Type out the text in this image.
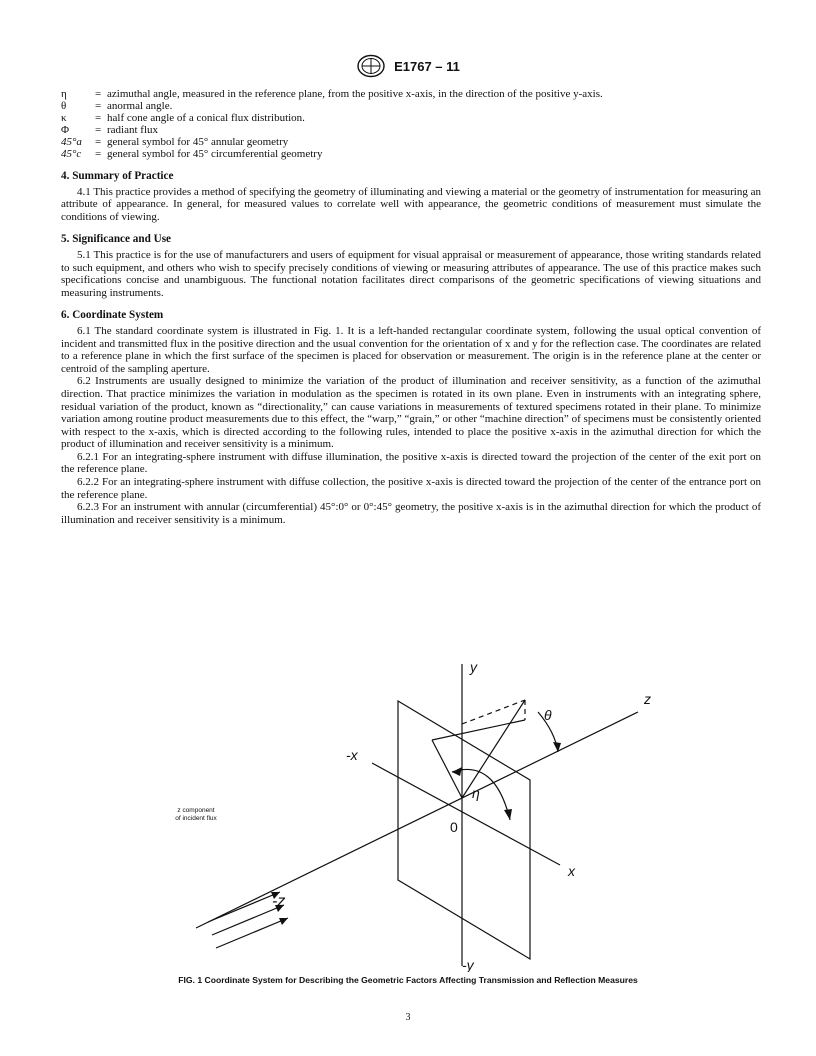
E1767 – 11
η	=	azimuthal angle, measured in the reference plane, from the positive x-axis, in the direction of the positive y-axis.
θ	=	anormal angle.
κ	=	half cone angle of a conical flux distribution.
Φ	=	radiant flux
45°a	=	general symbol for 45° annular geometry
45°c	=	general symbol for 45° circumferential geometry
4. Summary of Practice

4.1 This practice provides a method of specifying the geometry of illuminating and viewing a material or the geometry of instrumentation for measuring an attribute of appearance. In general, for measured values to correlate well with appearance, the geometric conditions of measurement must simulate the conditions of viewing.

5. Significance and Use

5.1 This practice is for the use of manufacturers and users of equipment for visual appraisal or measurement of appearance, those writing standards related to such equipment, and others who wish to specify precisely conditions of viewing or measuring attributes of appearance. The use of this practice makes such specifications concise and unambiguous. The functional notation facilitates direct comparisons of the geometric specifications of viewing situations and measuring instruments.

6. Coordinate System

6.1 The standard coordinate system is illustrated in Fig. 1. It is a left-handed rectangular coordinate system, following the usual optical convention of incident and transmitted flux in the positive direction and the usual convention for the orientation of x and y for the reflection case. The coordinates are related to a reference plane in which the first surface of the specimen is placed for observation or measurement. The origin is in the reference plane at the center or centroid of the sampling aperture.

6.2 Instruments are usually designed to minimize the variation of the product of illumination and receiver sensitivity, as a function of the azimuthal direction. That practice minimizes the variation in modulation as the specimen is rotated in its own plane. Even in instruments with an integrating sphere, residual variation of the product, known as “directionality,” can cause variations in measurements of textured specimens rotated in their plane. To minimize variation among routine product measurements due to this effect, the “warp,” “grain,” or other “machine direction” of specimens must be consistently oriented with respect to the x-axis, which is directed according to the following rules, intended to place the positive x-axis in the azimuthal direction for which the product of illumination and receiver sensitivity is a minimum.

6.2.1 For an integrating-sphere instrument with diffuse illumination, the positive x-axis is directed toward the projection of the center of the exit port on the reference plane.

6.2.2 For an integrating-sphere instrument with diffuse collection, the positive x-axis is directed toward the projection of the center of the entrance port on the reference plane.

6.2.3 For an instrument with annular (circumferential) 45°:0° or 0°:45° geometry, the positive x-axis is in the azimuthal direction for which the product of illumination and receiver sensitivity is a minimum.

y
-y
x
-x
z
-z
θ
η
0
z component
of incident flux
FIG. 1 Coordinate System for Describing the Geometric Factors Affecting Transmission and Reflection Measures
3
